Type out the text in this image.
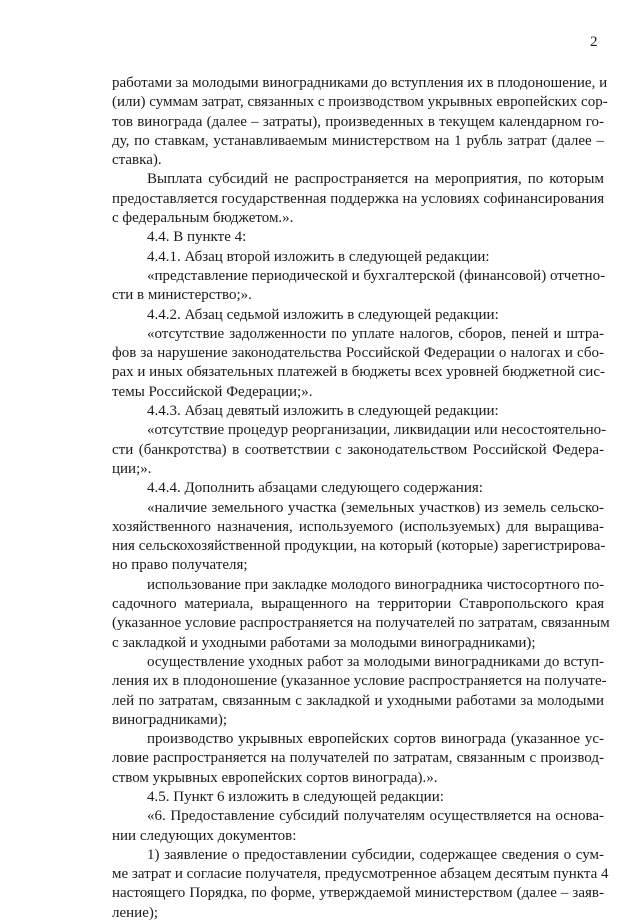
2
работами за молодыми виноградниками до вступления их в плодоношение, и
(или) суммам затрат, связанных с производством укрывных европейских сор-
тов винограда (далее – затраты), произведенных в текущем календарном го-
ду, по ставкам, устанавливаемым министерством на 1 рубль затрат (далее –
ставка).
Выплата субсидий не распространяется на мероприятия, по которым
предоставляется государственная поддержка на условиях софинансирования
с федеральным бюджетом.».
4.4. В пункте 4:
4.4.1. Абзац второй изложить в следующей редакции:
«представление периодической и бухгалтерской (финансовой) отчетно-
сти в министерство;».
4.4.2. Абзац седьмой изложить в следующей редакции:
«отсутствие задолженности по уплате налогов, сборов, пеней и штра-
фов за нарушение законодательства Российской Федерации о налогах и сбо-
рах и иных обязательных платежей в бюджеты всех уровней бюджетной сис-
темы Российской Федерации;».
4.4.3. Абзац девятый изложить в следующей редакции:
«отсутствие процедур реорганизации, ликвидации или несостоятельно-
сти (банкротства) в соответствии с законодательством Российской Федера-
ции;».
4.4.4. Дополнить абзацами следующего содержания:
«наличие земельного участка (земельных участков) из земель сельско-
хозяйственного назначения, используемого (используемых) для выращива-
ния сельскохозяйственной продукции, на который (которые) зарегистрирова-
но право получателя;
использование при закладке молодого виноградника чистосортного по-
садочного материала, выращенного на территории Ставропольского края
(указанное условие распространяется на получателей по затратам, связанным
с закладкой и уходными работами за молодыми виноградниками);
осуществление уходных работ за молодыми виноградниками до вступ-
ления их в плодоношение (указанное условие распространяется на получате-
лей по затратам, связанным с закладкой и уходными работами за молодыми
виноградниками);
производство укрывных европейских сортов винограда (указанное ус-
ловие распространяется на получателей по затратам, связанным с производ-
ством укрывных европейских сортов винограда).».
4.5. Пункт 6 изложить в следующей редакции:
«6. Предоставление субсидий получателям осуществляется на основа-
нии следующих документов:
1) заявление о предоставлении субсидии, содержащее сведения о сум-
ме затрат и согласие получателя, предусмотренное абзацем десятым пункта 4
настоящего Порядка, по форме, утверждаемой министерством (далее – заяв-
ление);
